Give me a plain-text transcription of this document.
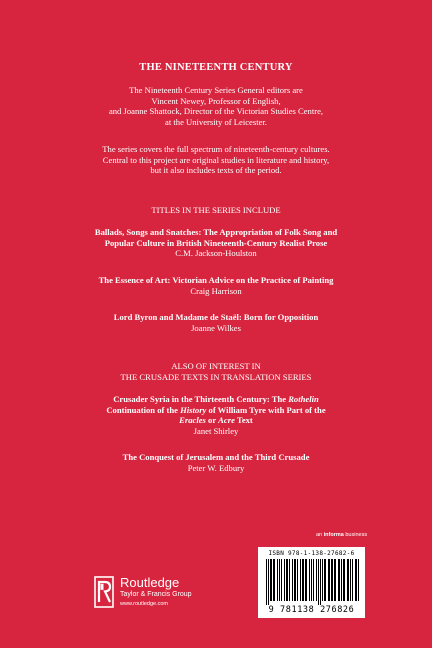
THE NINETEENTH CENTURY
The Nineteenth Century Series General editors are
Vincent Newey, Professor of English,
and Joanne Shattock, Director of the Victorian Studies Centre,
at the University of Leicester.
The series covers the full spectrum of nineteenth-century cultures.
Central to this project are original studies in literature and history,
but it also includes texts of the period.
TITLES IN THE SERIES INCLUDE
Ballads, Songs and Snatches: The Appropriation of Folk Song and
Popular Culture in British Nineteenth-Century Realist Prose
C.M. Jackson-Houlston
The Essence of Art: Victorian Advice on the Practice of Painting
Craig Harrison
Lord Byron and Madame de Staël: Born for Opposition
Joanne Wilkes
ALSO OF INTEREST IN
THE CRUSADE TEXTS IN TRANSLATION SERIES
Crusader Syria in the Thirteenth Century: The Rothelin
Continuation of the History of William Tyre with Part of the
Eracles or Acre Text
Janet Shirley
The Conquest of Jerusalem and the Third Crusade
Peter W. Edbury
an informa business
Routledge
Taylor & Francis Group
www.routledge.com
ISBN 978-1-138-27682-6
9 781138 276826
